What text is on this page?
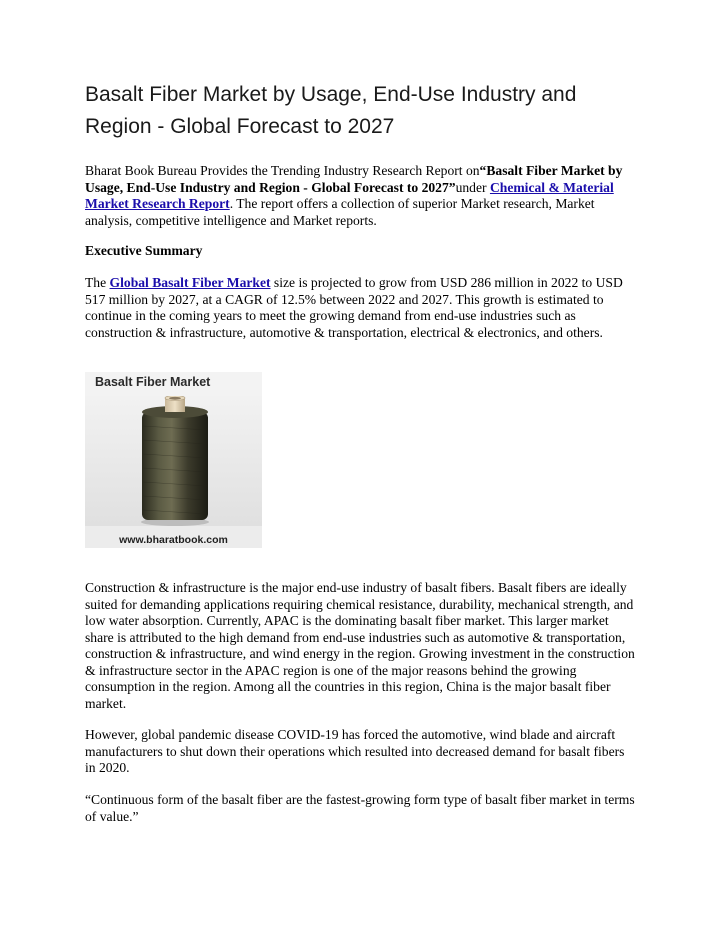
Basalt Fiber Market by Usage, End-Use Industry and Region - Global Forecast to 2027

Bharat Book Bureau Provides the Trending Industry Research Report on“Basalt Fiber Market by Usage, End-Use Industry and Region - Global Forecast to 2027”under Chemical & Material Market Research Report. The report offers a collection of superior Market research, Market analysis, competitive intelligence and Market reports.

Executive Summary

The Global Basalt Fiber Market size is projected to grow from USD 286 million in 2022 to USD 517 million by 2027, at a CAGR of 12.5% between 2022 and 2027. This growth is estimated to continue in the coming years to meet the growing demand from end-use industries such as construction & infrastructure, automotive & transportation, electrical & electronics, and others.

Basalt Fiber Market
www.bharatbook.com

Construction & infrastructure is the major end-use industry of basalt fibers. Basalt fibers are ideally suited for demanding applications requiring chemical resistance, durability, mechanical strength, and low water absorption. Currently, APAC is the dominating basalt fiber market. This larger market share is attributed to the high demand from end-use industries such as automotive & transportation, construction & infrastructure, and wind energy in the region. Growing investment in the construction & infrastructure sector in the APAC region is one of the major reasons behind the growing consumption in the region. Among all the countries in this region, China is the major basalt fiber market.

However, global pandemic disease COVID-19 has forced the automotive, wind blade and aircraft manufacturers to shut down their operations which resulted into decreased demand for basalt fibers in 2020.

“Continuous form of the basalt fiber are the fastest-growing form type of basalt fiber market in terms of value.”
